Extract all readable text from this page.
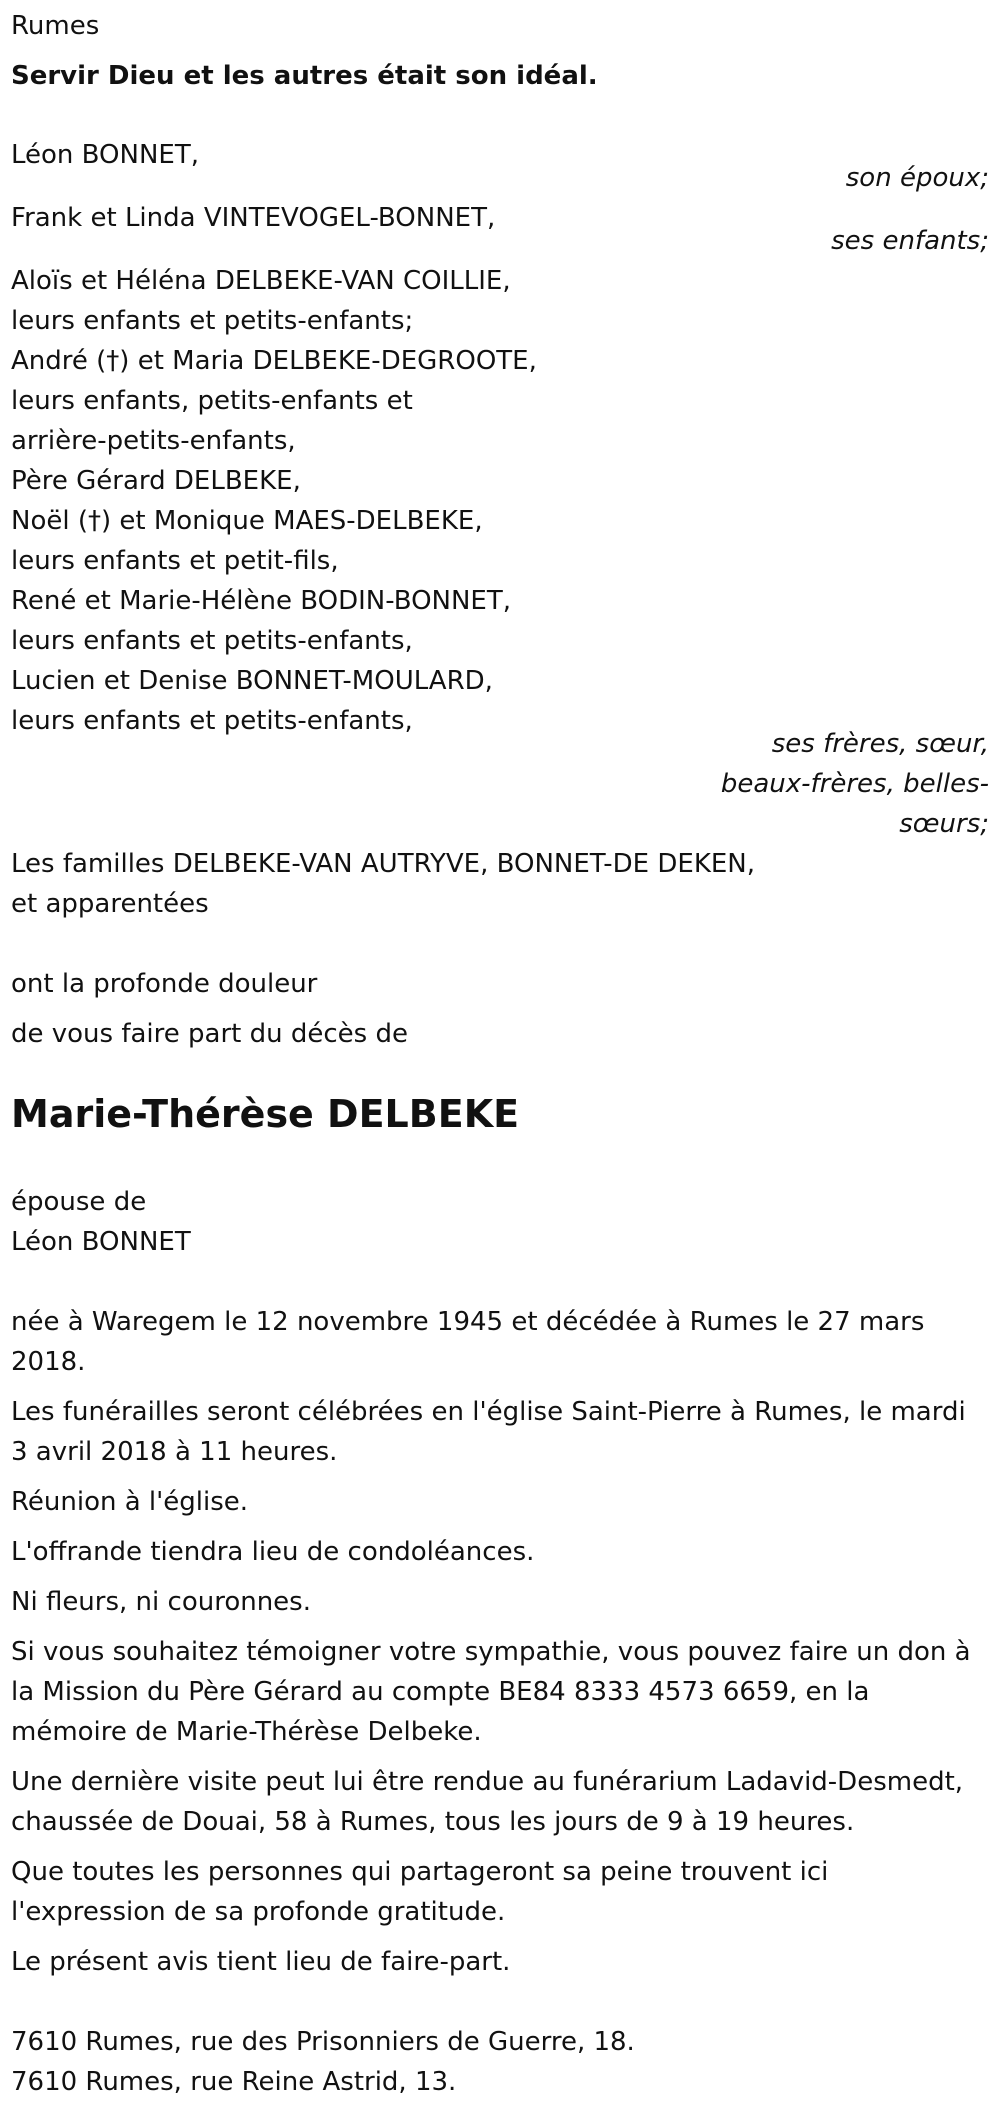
Rumes
Servir Dieu et les autres était son idéal.
Léon BONNET,
son époux;
Frank et Linda VINTEVOGEL-BONNET,
ses enfants;
Aloïs et Héléna DELBEKE-VAN COILLIE,
leurs enfants et petits-enfants;
André (†) et Maria DELBEKE-DEGROOTE,
leurs enfants, petits-enfants et
arrière-petits-enfants,
Père Gérard DELBEKE,
Noël (†) et Monique MAES-DELBEKE,
leurs enfants et petit-fils,
René et Marie-Hélène BODIN-BONNET,
leurs enfants et petits-enfants,
Lucien et Denise BONNET-MOULARD,
leurs enfants et petits-enfants,
ses frères, sœur,
beaux-frères, belles-
sœurs;
Les familles DELBEKE-VAN AUTRYVE, BONNET-DE DEKEN,
et apparentées
ont la profonde douleur
de vous faire part du décès de
Marie-Thérèse DELBEKE
épouse de
Léon BONNET
née à Waregem le 12 novembre 1945 et décédée à Rumes le 27 mars
2018.
Les funérailles seront célébrées en l'église Saint-Pierre à Rumes, le mardi
3 avril 2018 à 11 heures.
Réunion à l'église.
L'offrande tiendra lieu de condoléances.
Ni fleurs, ni couronnes.
Si vous souhaitez témoigner votre sympathie, vous pouvez faire un don à
la Mission du Père Gérard au compte BE84 8333 4573 6659, en la
mémoire de Marie-Thérèse Delbeke.
Une dernière visite peut lui être rendue au funérarium Ladavid-Desmedt,
chaussée de Douai, 58 à Rumes, tous les jours de 9 à 19 heures.
Que toutes les personnes qui partageront sa peine trouvent ici
l'expression de sa profonde gratitude.
Le présent avis tient lieu de faire-part.
7610 Rumes, rue des Prisonniers de Guerre, 18.
7610 Rumes, rue Reine Astrid, 13.
